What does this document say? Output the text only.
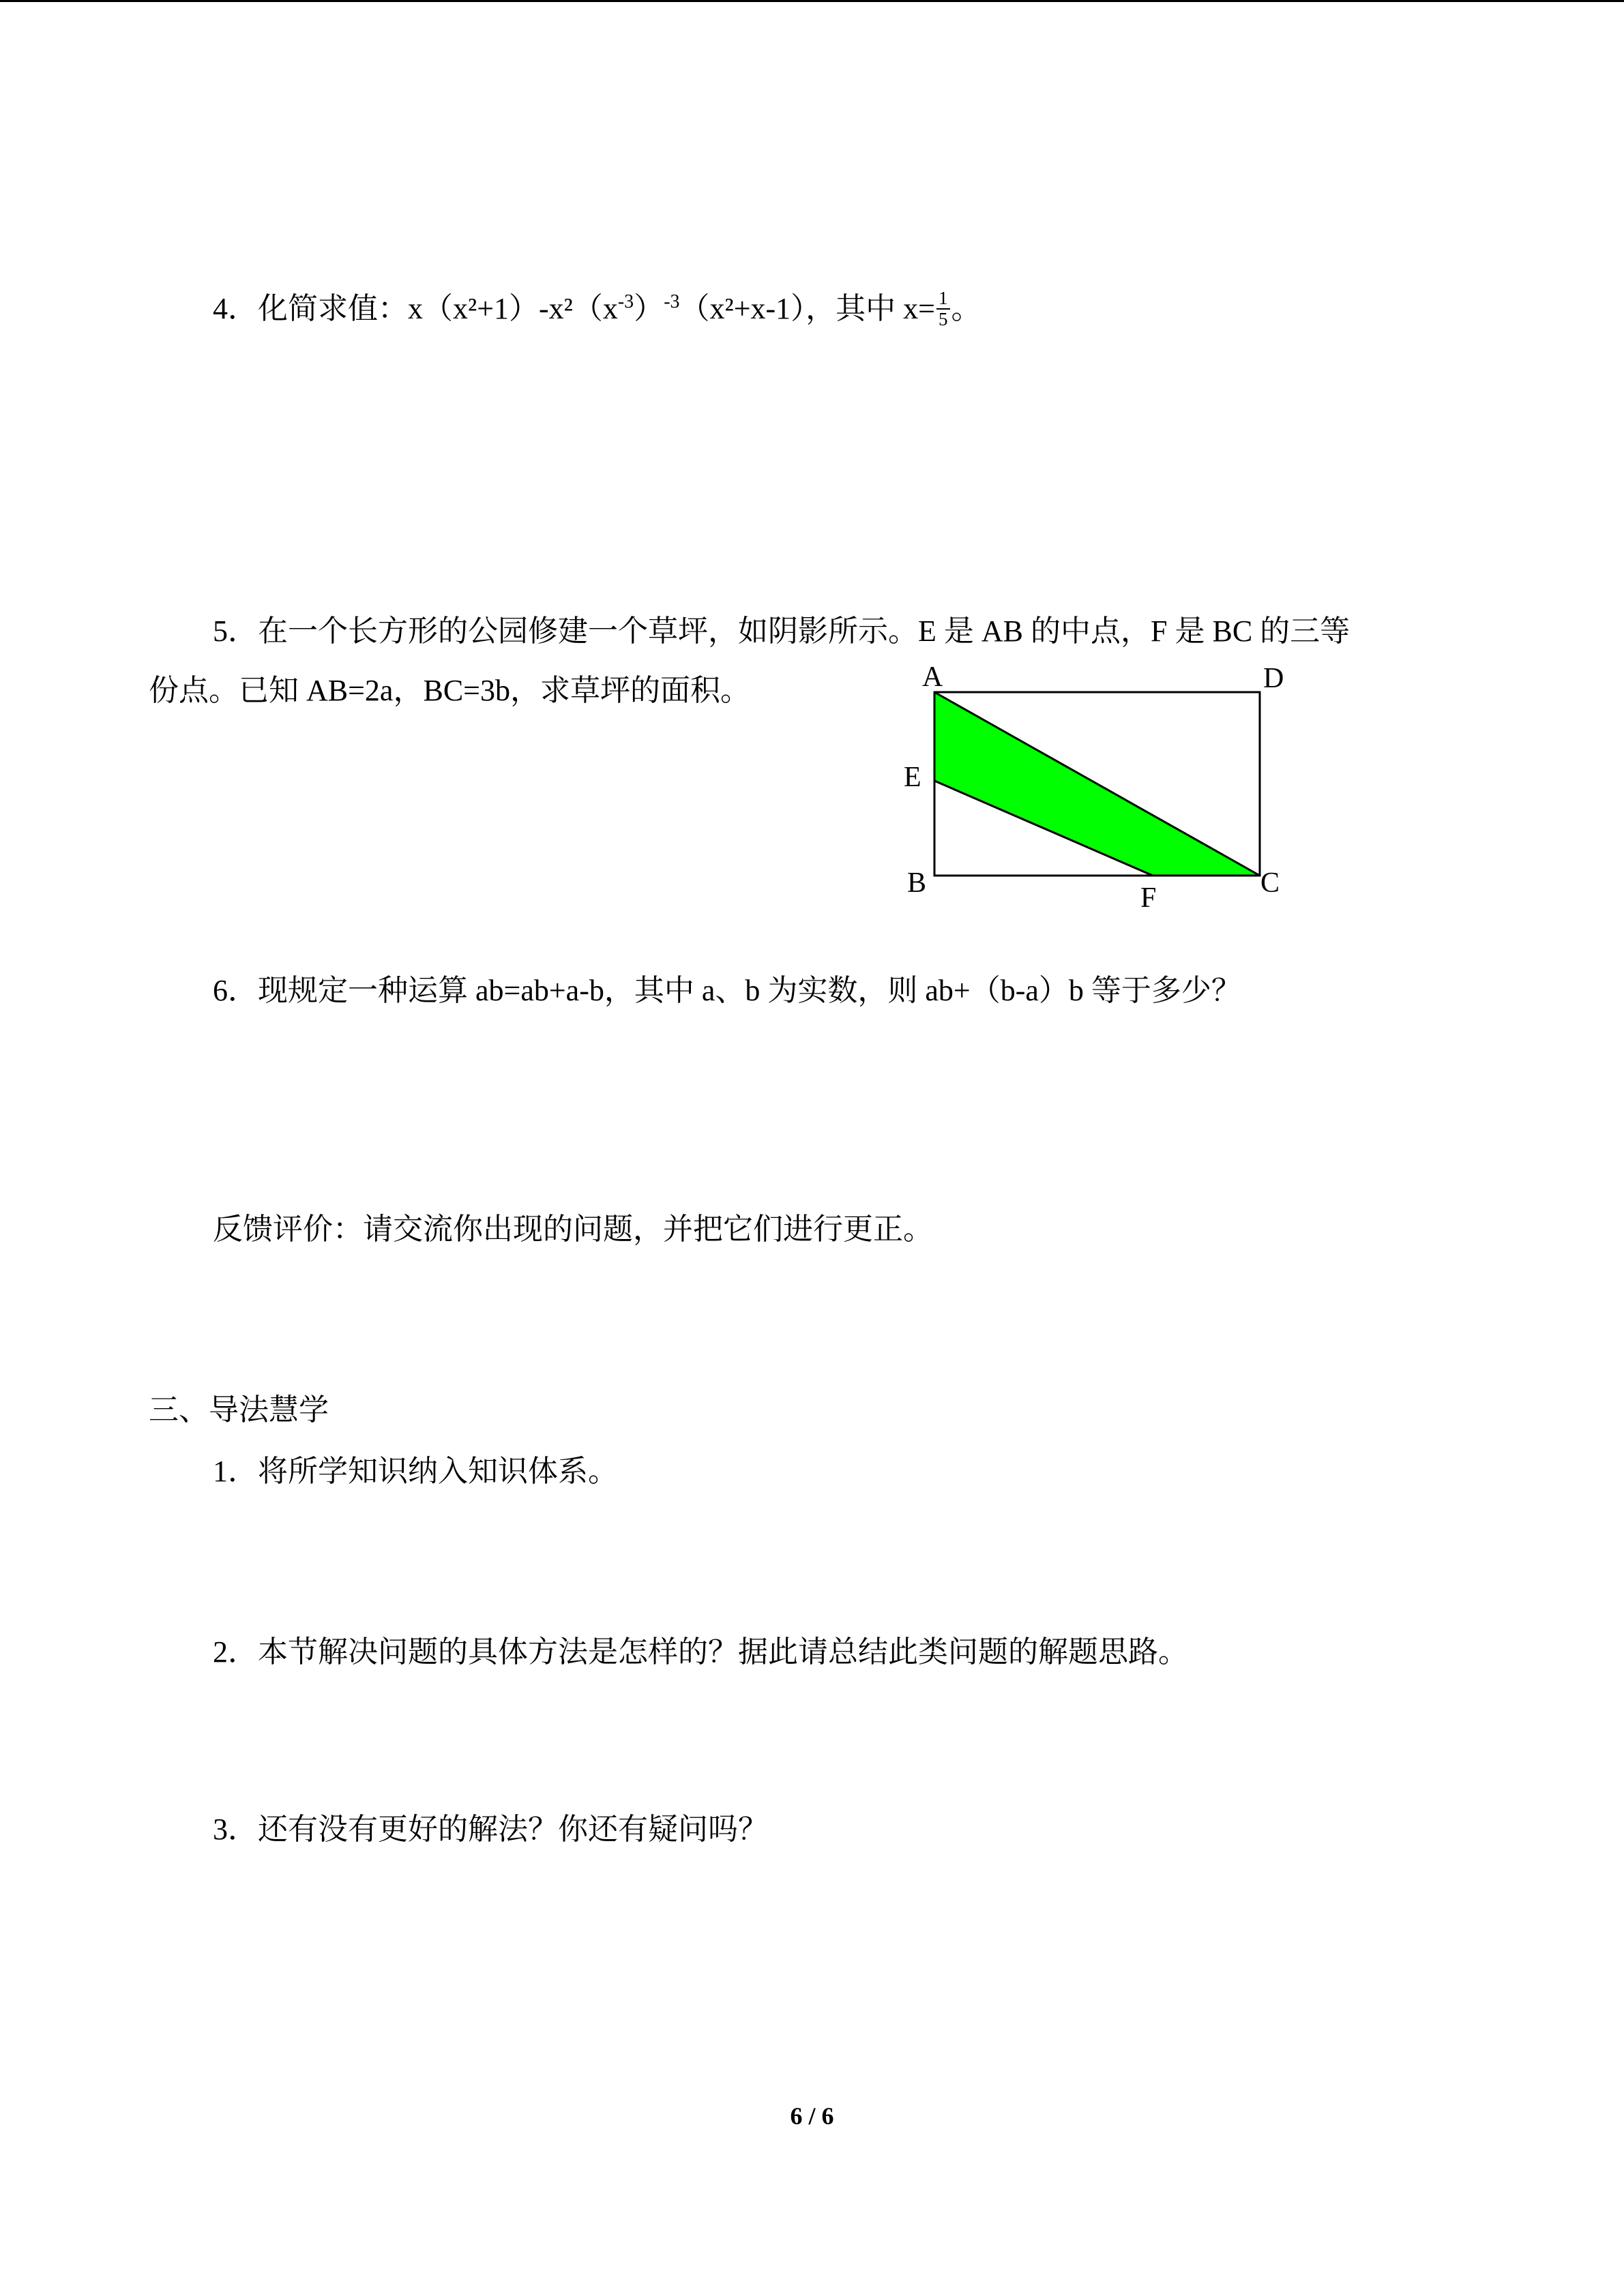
4．化简求值：$x(x^2+1)-x^2(x^{-3})^{-3}(x^2+x-1)$，其中 $x= \frac{1}{5}$ 。
5．在一个长方形的公园修建一个草坪，如阴影所示。E 是 AB 的中点，F 是 BC 的三等
份点。已知 AB=2a，BC=3b，求草坪的面积。	A	D
E
B	F	C
6．现规定一种运算 ab=ab+a-b，其中 a、b 为实数，则 ab+（b-a）b 等于多少？
反馈评价：请交流你出现的问题，并把它们进行更正。
三、导法慧学
1．将所学知识纳入知识体系。
2．本节解决问题的具体方法是怎样的？据此请总结此类问题的解题思路。
3．还有没有更好的解法？你还有疑问吗？
6 / 6
